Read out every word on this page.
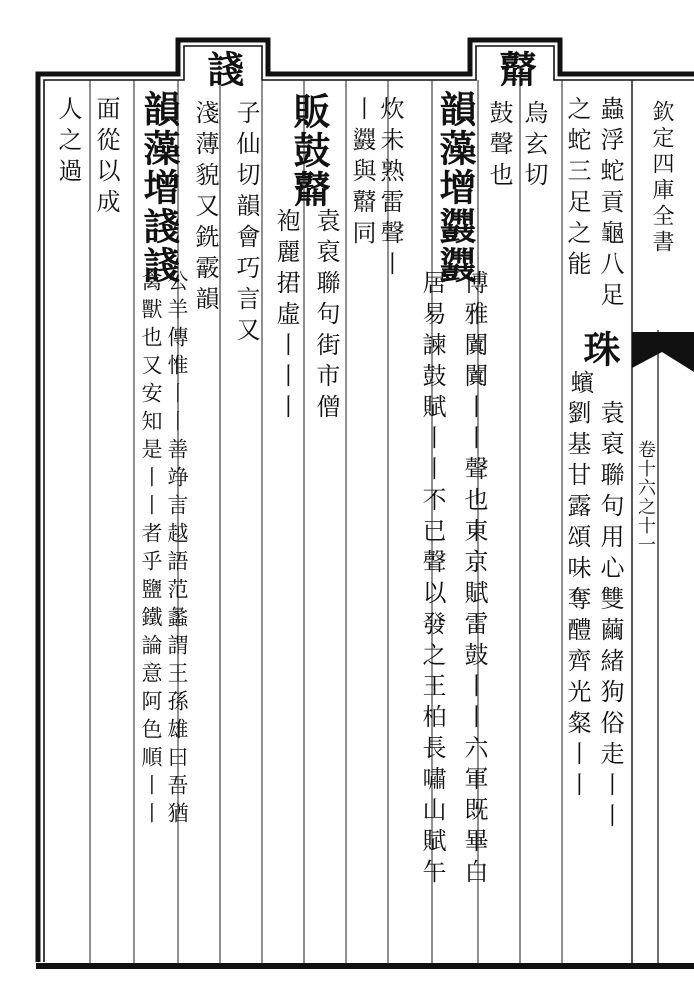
欽定四庫全書
卷十六之十一
蟲浮蛇貢龜八足
之蛇三足之能
珠
蠙
袁裒聯句用心雙繭緒狗俗走丨丨
劉基甘露頌味奪醴齊光粲丨丨
鼘
烏玄切
鼓聲也
韻藻增鼝鼝
博雅闐闐丨丨聲也東京賦雷鼓丨丨六軍既畢白
居易諫鼓賦丨丨不已聲以發之王柏長嘯山賦午
炊未熟雷聲丨
丨鼝與鼘同
販鼓鼘
袁裒聯句街市僧
袍麗捃虛丨丨丨
諓
子仙切韻會巧言又
淺薄貌又銑霰韻
韻藻增諓諓
公羊傳惟丨丨善竫言越語范蠡謂王孫雄曰吾猶
禽獸也又安知是丨丨者乎鹽鐵論意阿色順丨丨
面從以成
人之過
